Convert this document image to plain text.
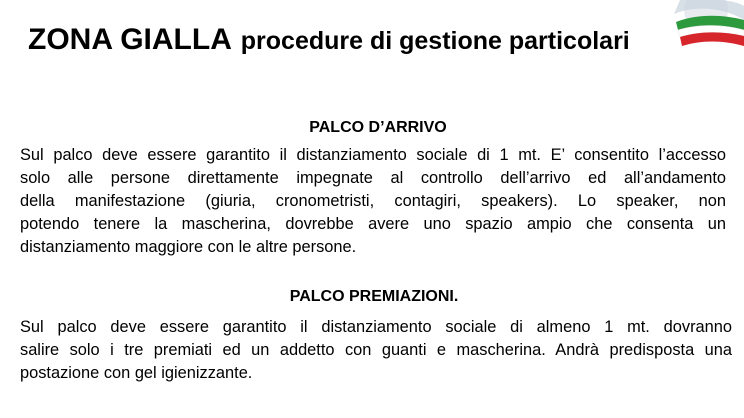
ZONA GIALLA procedure di gestione particolari
PALCO D’ARRIVO
Sul palco deve essere garantito il distanziamento sociale di 1 mt. E’ consentito l’accesso
solo alle persone direttamente impegnate al controllo dell’arrivo ed all’andamento
della manifestazione (giuria, cronometristi, contagiri, speakers). Lo speaker, non
potendo tenere la mascherina, dovrebbe avere uno spazio ampio che consenta un
distanziamento maggiore con le altre persone.
PALCO PREMIAZIONI.
Sul palco deve essere garantito il distanziamento sociale di almeno 1 mt. dovranno
salire solo i tre premiati ed un addetto con guanti e mascherina. Andrà predisposta una
postazione con gel igienizzante.
